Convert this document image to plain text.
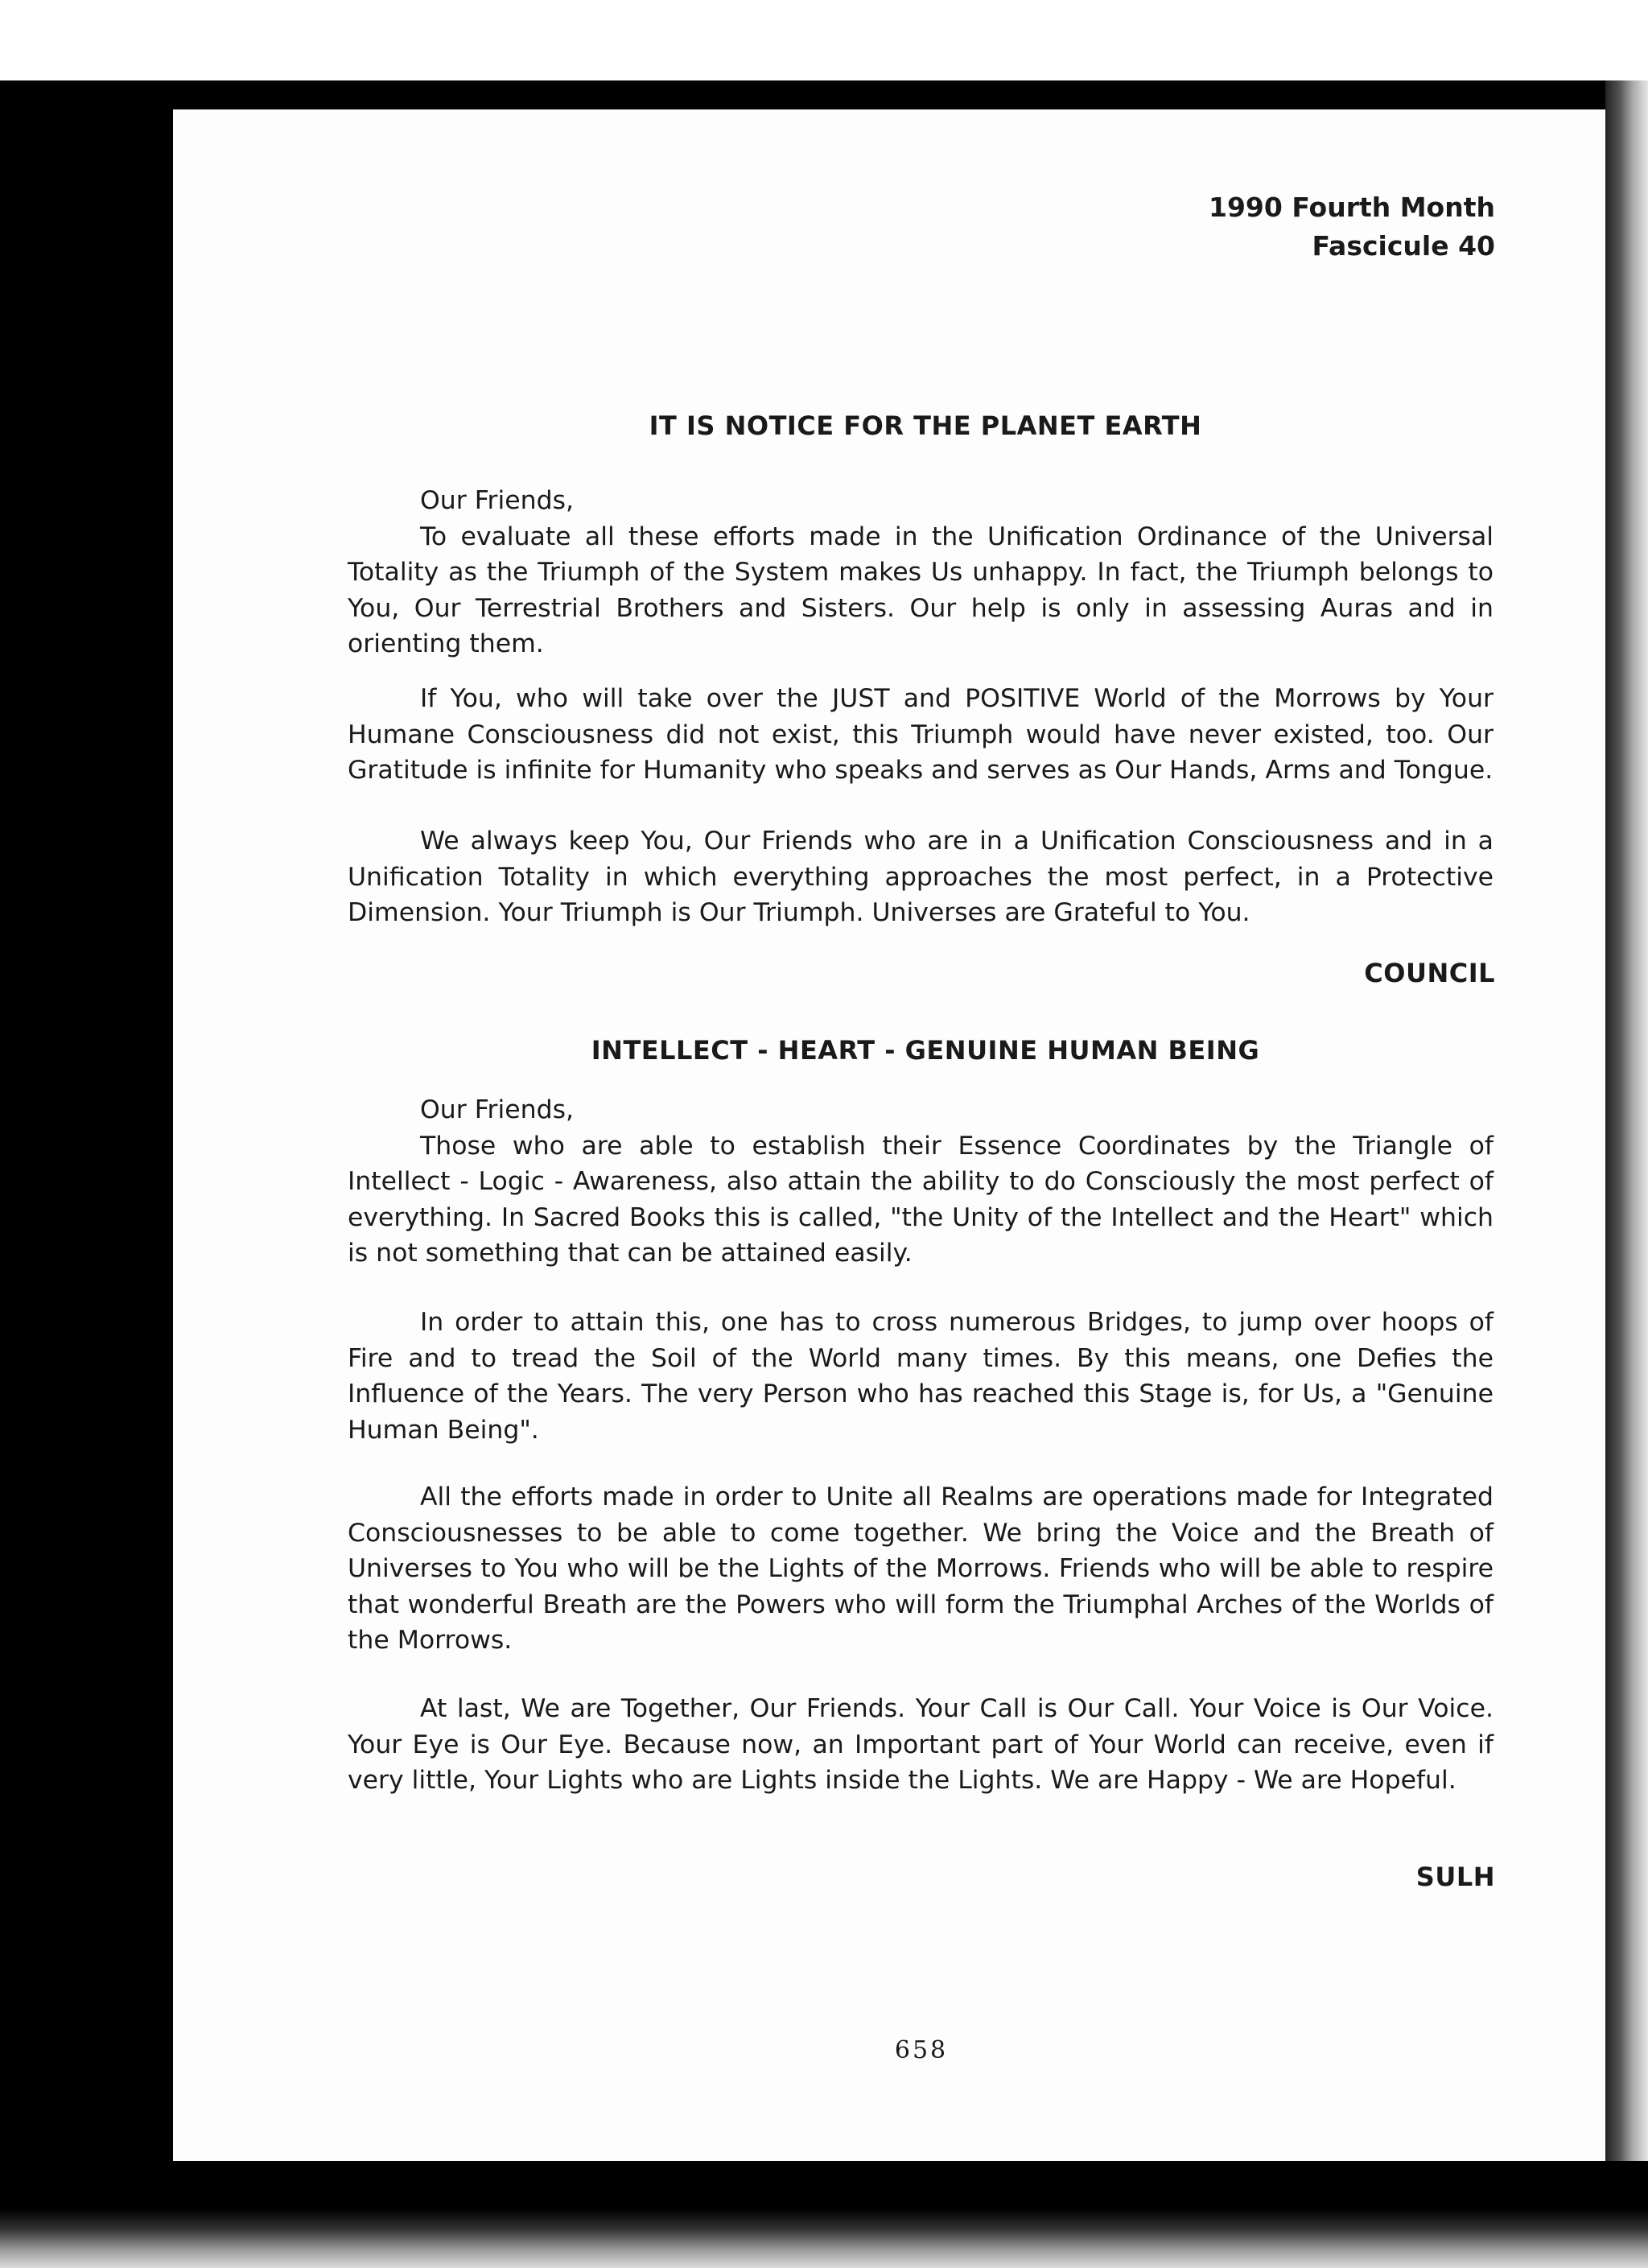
1990 Fourth Month
Fascicule 40
IT IS NOTICE FOR THE PLANET EARTH

Our Friends,

To evaluate all these efforts made in the Unification Ordinance of the Universal Totality as the Triumph of the System makes Us unhappy. In fact, the Triumph belongs to You, Our Terrestrial Brothers and Sisters. Our help is only in assessing Auras and in orienting them.

If You, who will take over the JUST and POSITIVE World of the Morrows by Your Humane Consciousness did not exist, this Triumph would have never existed, too. Our Gratitude is infinite for Humanity who speaks and serves as Our Hands, Arms and Tongue.

We always keep You, Our Friends who are in a Unification Consciousness and in a Unification Totality in which everything approaches the most perfect, in a Protective Dimension. Your Triumph is Our Triumph. Universes are Grateful to You.

COUNCIL
INTELLECT - HEART - GENUINE HUMAN BEING

Our Friends,

Those who are able to establish their Essence Coordinates by the Triangle of Intellect - Logic - Awareness, also attain the ability to do Consciously the most perfect of everything. In Sacred Books this is called, "the Unity of the Intellect and the Heart" which is not something that can be attained easily.

In order to attain this, one has to cross numerous Bridges, to jump over hoops of Fire and to tread the Soil of the World many times. By this means, one Defies the Influence of the Years. The very Person who has reached this Stage is, for Us, a "Genuine Human Being".

All the efforts made in order to Unite all Realms are operations made for Integrated Consciousnesses to be able to come together. We bring the Voice and the Breath of Universes to You who will be the Lights of the Morrows. Friends who will be able to respire that wonderful Breath are the Powers who will form the Triumphal Arches of the Worlds of the Morrows.

At last, We are Together, Our Friends. Your Call is Our Call. Your Voice is Our Voice. Your Eye is Our Eye. Because now, an Important part of Your World can receive, even if very little, Your Lights who are Lights inside the Lights. We are Happy - We are Hopeful.

SULH
658
